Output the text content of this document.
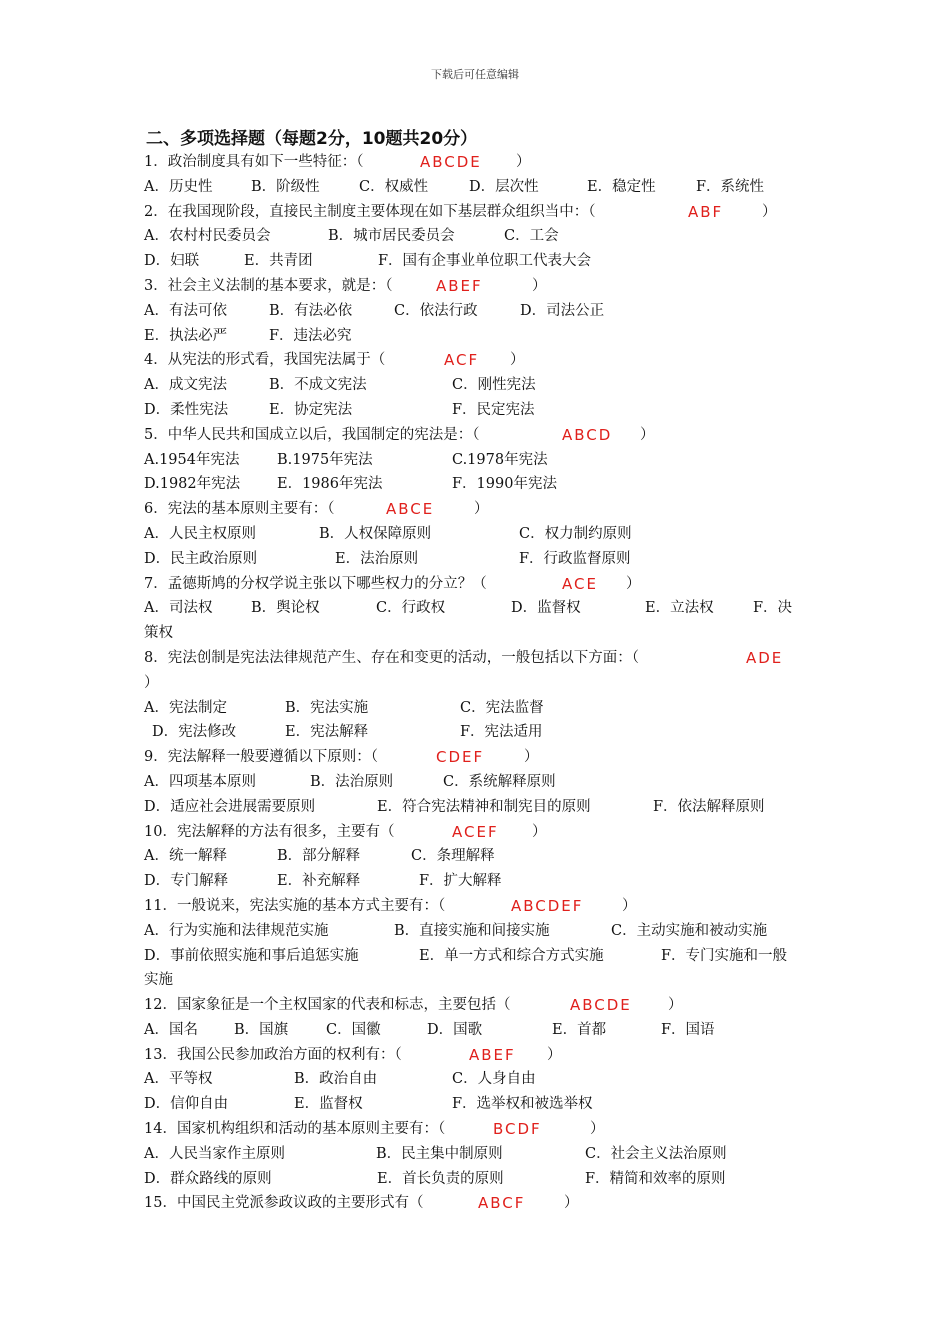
下载后可任意编辑
二、多项选择题（每题2分，10题共20分）
1．政治制度具有如下一些特征：（	ABCDE ）
A．历史性	B．阶级性	C．权威性	D．层次性	E．稳定性	F．系统性
2．在我国现阶段，直接民主制度主要体现在如下基层群众组织当中：（	ABF	）
A．农村村民委员会	B．城市居民委员会	C．工会
D．妇联	E．共青团	F．国有企事业单位职工代表大会
3．社会主义法制的基本要求，就是：（	ABEF	）
A．有法可依	B．有法必依	C．依法行政	D．司法公正
E．执法必严	F．违法必究
4．从宪法的形式看，我国宪法属于（	ACF ）
A．成文宪法	B．不成文宪法	C．刚性宪法
D．柔性宪法	E．协定宪法	F．民定宪法
5．中华人民共和国成立以后，我国制定的宪法是：（	ABCD ）
A.1954年宪法	B.1975年宪法	C.1978年宪法
D.1982年宪法	E．1986年宪法	F．1990年宪法
6．宪法的基本原则主要有：（	ABCE	）
A．人民主权原则	B．人权保障原则	C．权力制约原则
D．民主政治原则	E．法治原则	F．行政监督原则
7．孟德斯鸠的分权学说主张以下哪些权力的分立？（	ACE ）
A．司法权	B．舆论权	C．行政权	D．监督权	E．立法权	F．决
策权
8．宪法创制是宪法法律规范产生、存在和变更的活动，一般包括以下方面：（	ADE
）
A．宪法制定	B．宪法实施	C．宪法监督
D．宪法修改	E．宪法解释	F．宪法适用
9．宪法解释一般要遵循以下原则：（	CDEF	）
A．四项基本原则	B．法治原则	C．系统解释原则
D．适应社会进展需要原则	E．符合宪法精神和制宪目的原则	F．依法解释原则
10．宪法解释的方法有很多，主要有（	ACEF ）
A．统一解释	B．部分解释	C．条理解释
D．专门解释	E．补充解释	F．扩大解释
11．一般说来，宪法实施的基本方式主要有：（	ABCDEF	）
A．行为实施和法律规范实施	B．直接实施和间接实施	C．主动实施和被动实施
D．事前依照实施和事后追惩实施	E．单一方式和综合方式实施	F．专门实施和一般
实施
12．国家象征是一个主权国家的代表和标志，主要包括（	ABCDE ）
A．国名 B．国旗	C．国徽	D．国歌	E．首都	F．国语
13．我国公民参加政治方面的权利有：（	ABEF ）
A．平等权	B．政治自由	C．人身自由
D．信仰自由	E．监督权	F．选举权和被选举权
14．国家机构组织和活动的基本原则主要有：（	BCDF	）
A．人民当家作主原则	B．民主集中制原则	C．社会主义法治原则
D．群众路线的原则	E．首长负责的原则	F．精简和效率的原则
15．中国民主党派参政议政的主要形式有（	ABCF	）
